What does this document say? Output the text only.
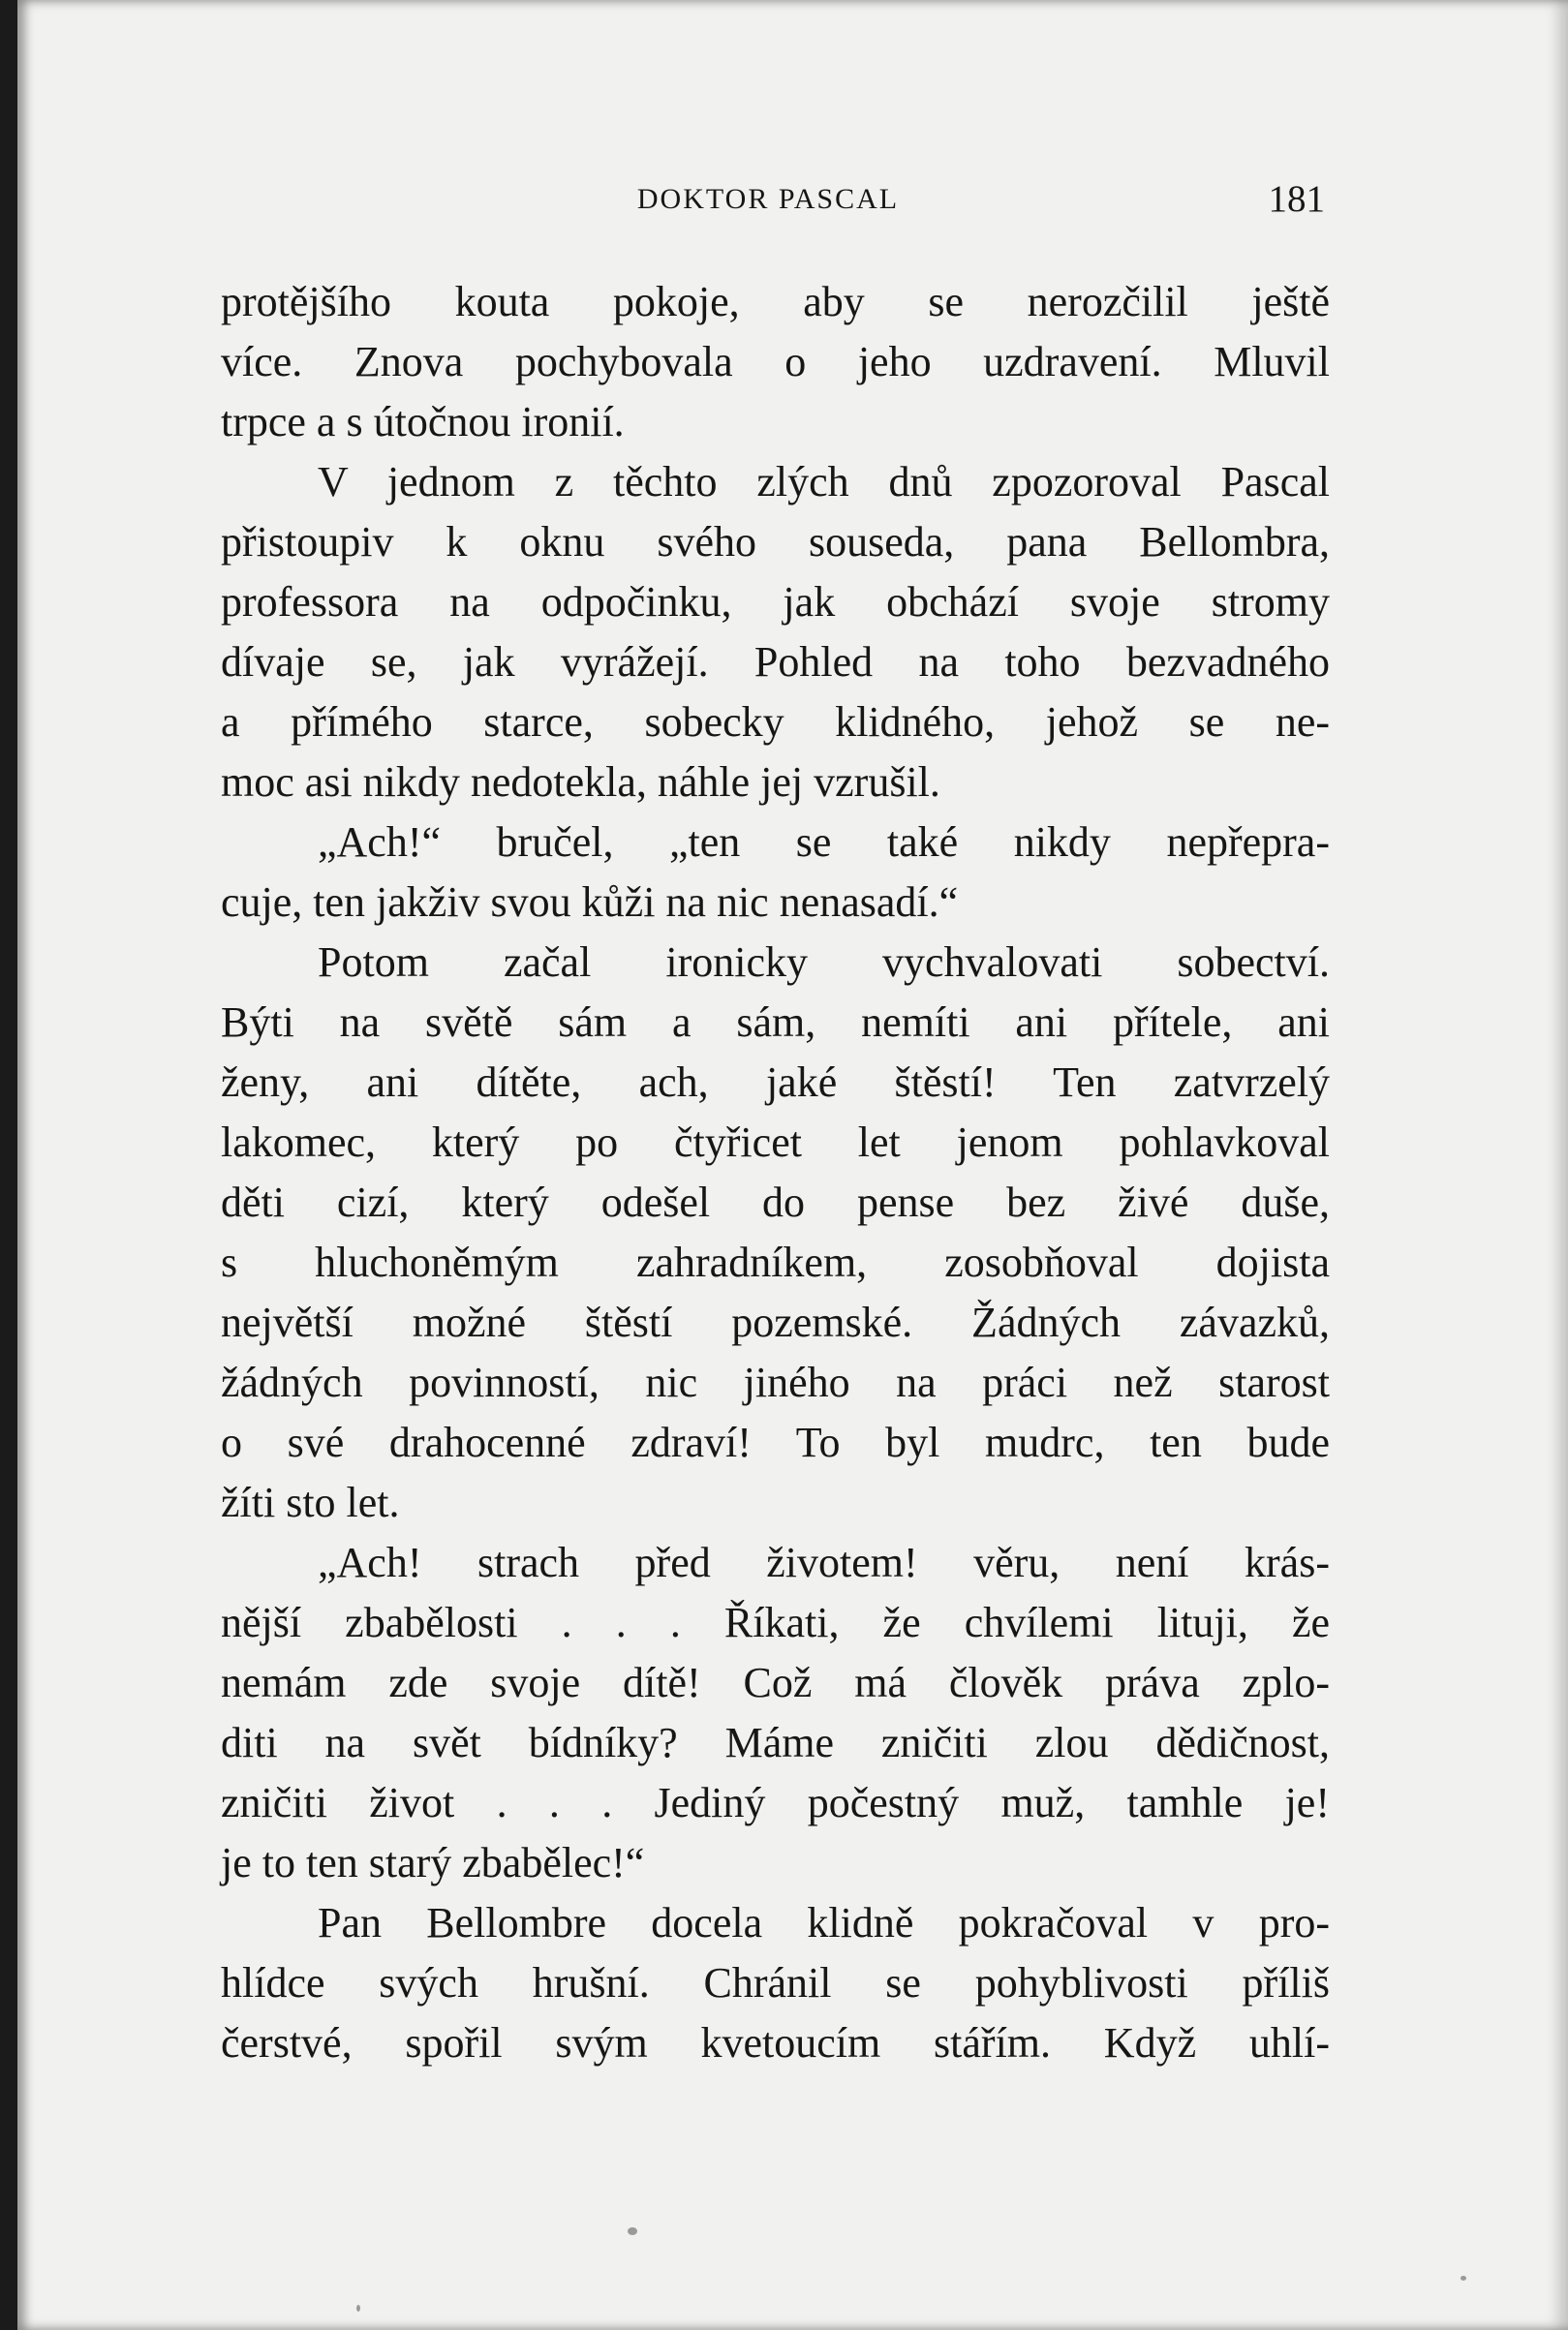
DOKTOR PASCAL	181
protějšího kouta pokoje, aby se nerozčilil ještě
více. Znova pochybovala o jeho uzdravení. Mluvil
trpce a s útočnou ironií.
V jednom z těchto zlých dnů zpozoroval Pascal
přistoupiv k oknu svého souseda, pana Bellombra,
professora na odpočinku, jak obchází svoje stromy
dívaje se, jak vyrážejí. Pohled na toho bezvadného
a přímého starce, sobecky klidného, jehož se ne-
moc asi nikdy nedotekla, náhle jej vzrušil.
„Ach!“ bručel, „ten se také nikdy nepřepra-
cuje, ten jakživ svou kůži na nic nenasadí.“
Potom začal ironicky vychvalovati sobectví.
Býti na světě sám a sám, nemíti ani přítele, ani
ženy, ani dítěte, ach, jaké štěstí! Ten zatvrzelý
lakomec, který po čtyřicet let jenom pohlavkoval
děti cizí, který odešel do pense bez živé duše,
s hluchoněmým zahradníkem, zosobňoval dojista
největší možné štěstí pozemské. Žádných závazků,
žádných povinností, nic jiného na práci než starost
o své drahocenné zdraví! To byl mudrc, ten bude
žíti sto let.
„Ach! strach před životem! věru, není krás-
nější zbabělosti . . . Říkati, že chvílemi lituji, že
nemám zde svoje dítě! Což má člověk práva zplo-
diti na svět bídníky? Máme zničiti zlou dědičnost,
zničiti život . . . Jediný počestný muž, tamhle je!
je to ten starý zbabělec!“
Pan Bellombre docela klidně pokračoval v pro-
hlídce svých hrušní. Chránil se pohyblivosti příliš
čerstvé, spořil svým kvetoucím stářím. Když uhlí-
